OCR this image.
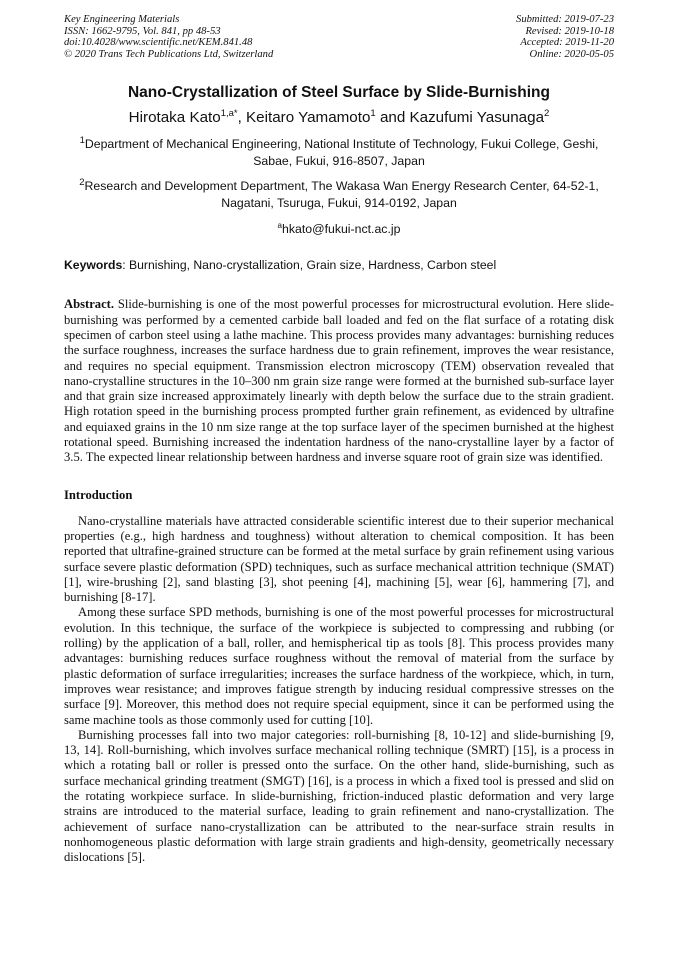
Key Engineering Materials
ISSN: 1662-9795, Vol. 841, pp 48-53
doi:10.4028/www.scientific.net/KEM.841.48
© 2020 Trans Tech Publications Ltd, Switzerland
Submitted: 2019-07-23
Revised: 2019-10-18
Accepted: 2019-11-20
Online: 2020-05-05
Nano-Crystallization of Steel Surface by Slide-Burnishing
Hirotaka Kato$^{1,a*}$, Keitaro Yamamoto$^1$ and Kazufumi Yasunaga$^2$
$^1$Department of Mechanical Engineering, National Institute of Technology, Fukui College, Geshi, Sabae, Fukui, 916-8507, Japan
$^2$Research and Development Department, The Wakasa Wan Energy Research Center, 64-52-1, Nagatani, Tsuruga, Fukui, 914-0192, Japan
$^a$hkato@fukui-nct.ac.jp
Keywords: Burnishing, Nano-crystallization, Grain size, Hardness, Carbon steel
Abstract. Slide-burnishing is one of the most powerful processes for microstructural evolution. Here slide-burnishing was performed by a cemented carbide ball loaded and fed on the flat surface of a rotating disk specimen of carbon steel using a lathe machine. This process provides many advantages: burnishing reduces the surface roughness, increases the surface hardness due to grain refinement, improves the wear resistance, and requires no special equipment. Transmission electron microscopy (TEM) observation revealed that nano-crystalline structures in the 10–300 nm grain size range were formed at the burnished sub-surface layer and that grain size increased approximately linearly with depth below the surface due to the strain gradient. High rotation speed in the burnishing process prompted further grain refinement, as evidenced by ultrafine and equiaxed grains in the 10 nm size range at the top surface layer of the specimen burnished at the highest rotational speed. Burnishing increased the indentation hardness of the nano-crystalline layer by a factor of 3.5. The expected linear relationship between hardness and inverse square root of grain size was identified.
Introduction

Nano-crystalline materials have attracted considerable scientific interest due to their superior mechanical properties (e.g., high hardness and toughness) without alteration to chemical composition. It has been reported that ultrafine-grained structure can be formed at the metal surface by grain refinement using various surface severe plastic deformation (SPD) techniques, such as surface mechanical attrition technique (SMAT) [1], wire-brushing [2], sand blasting [3], shot peening [4], machining [5], wear [6], hammering [7], and burnishing [8-17].

Among these surface SPD methods, burnishing is one of the most powerful processes for microstructural evolution. In this technique, the surface of the workpiece is subjected to compressing and rubbing (or rolling) by the application of a ball, roller, and hemispherical tip as tools [8]. This process provides many advantages: burnishing reduces surface roughness without the removal of material from the surface by plastic deformation of surface irregularities; increases the surface hardness of the workpiece, which, in turn, improves wear resistance; and improves fatigue strength by inducing residual compressive stresses on the surface [9]. Moreover, this method does not require special equipment, since it can be performed using the same machine tools as those commonly used for cutting [10].

Burnishing processes fall into two major categories: roll-burnishing [8, 10-12] and slide-burnishing [9, 13, 14]. Roll-burnishing, which involves surface mechanical rolling technique (SMRT) [15], is a process in which a rotating ball or roller is pressed onto the surface. On the other hand, slide-burnishing, such as surface mechanical grinding treatment (SMGT) [16], is a process in which a fixed tool is pressed and slid on the rotating workpiece surface. In slide-burnishing, friction-induced plastic deformation and very large strains are introduced to the material surface, leading to grain refinement and nano-crystallization. The achievement of surface nano-crystallization can be attributed to the near-surface strain results in nonhomogeneous plastic deformation with large strain gradients and high-density, geometrically necessary dislocations [5].
